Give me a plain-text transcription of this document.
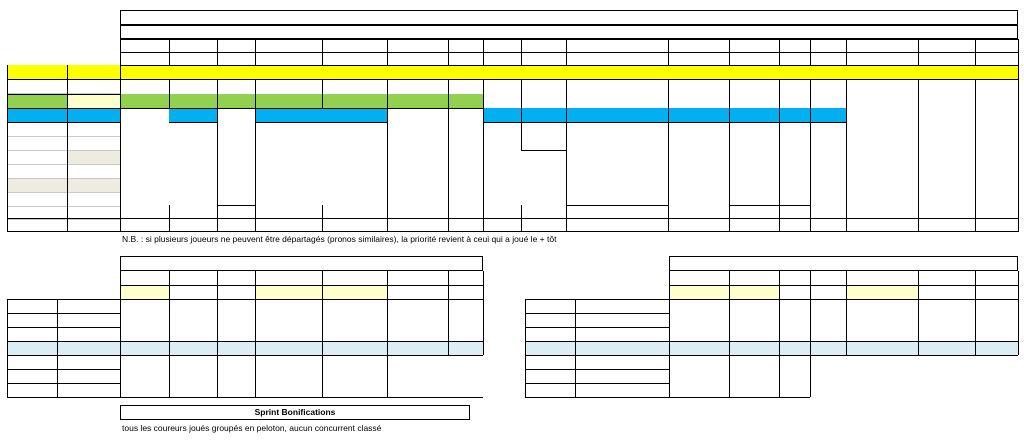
Sprint Bonifications
tous les coureurs joués groupés en peloton, aucun concurrent classé
N.B. : si plusieurs joueurs ne peuvent être départagés (pronos similaires), la priorité revient à ceui qui a joué le + tôt
